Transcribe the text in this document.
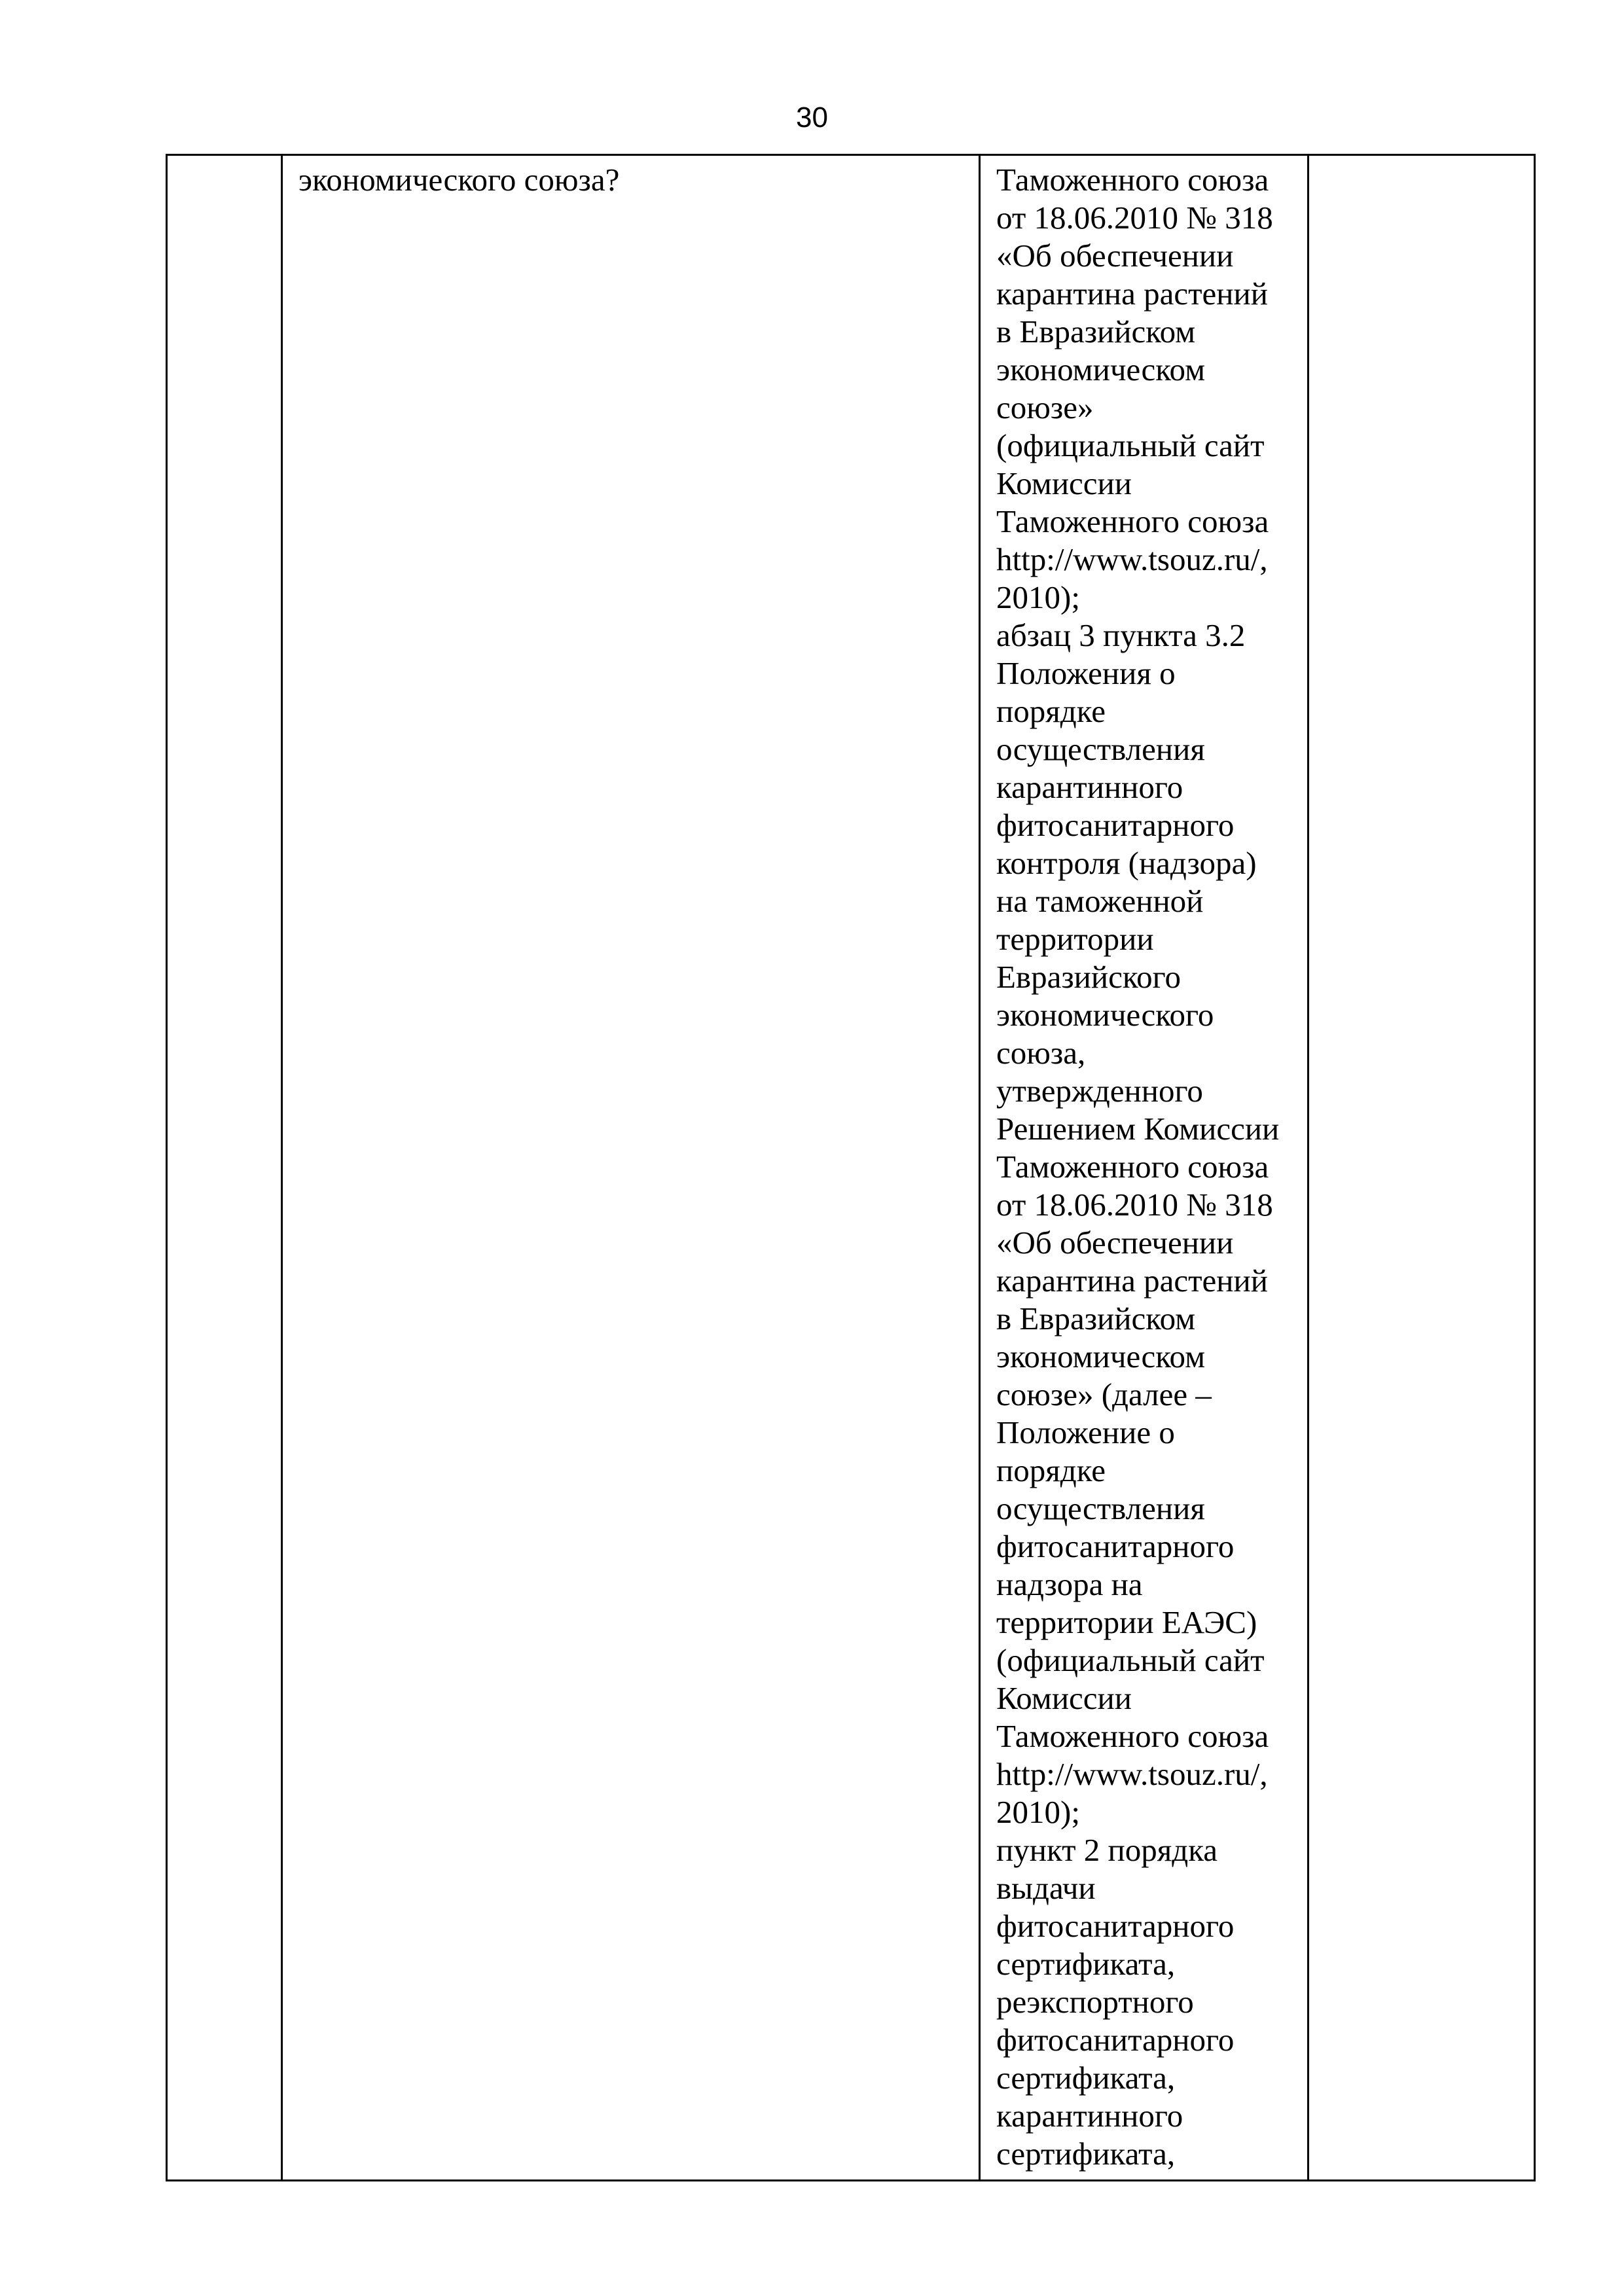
30

экономического союза?	Таможенного союза
от 18.06.2010 № 318
«Об обеспечении
карантина растений
в Евразийском
экономическом
союзе»
(официальный сайт
Комиссии
Таможенного союза
http://www.tsouz.ru/,
2010);
абзац 3 пункта 3.2
Положения о
порядке
осуществления
карантинного
фитосанитарного
контроля (надзора)
на таможенной
территории
Евразийского
экономического
союза,
утвержденного
Решением Комиссии
Таможенного союза
от 18.06.2010 № 318
«Об обеспечении
карантина растений
в Евразийском
экономическом
союзе» (далее –
Положение о
порядке
осуществления
фитосанитарного
надзора на
территории ЕАЭС)
(официальный сайт
Комиссии
Таможенного союза
http://www.tsouz.ru/,
2010);
пункт 2 порядка
выдачи
фитосанитарного
сертификата,
реэкспортного
фитосанитарного
сертификата,
карантинного
сертификата,
